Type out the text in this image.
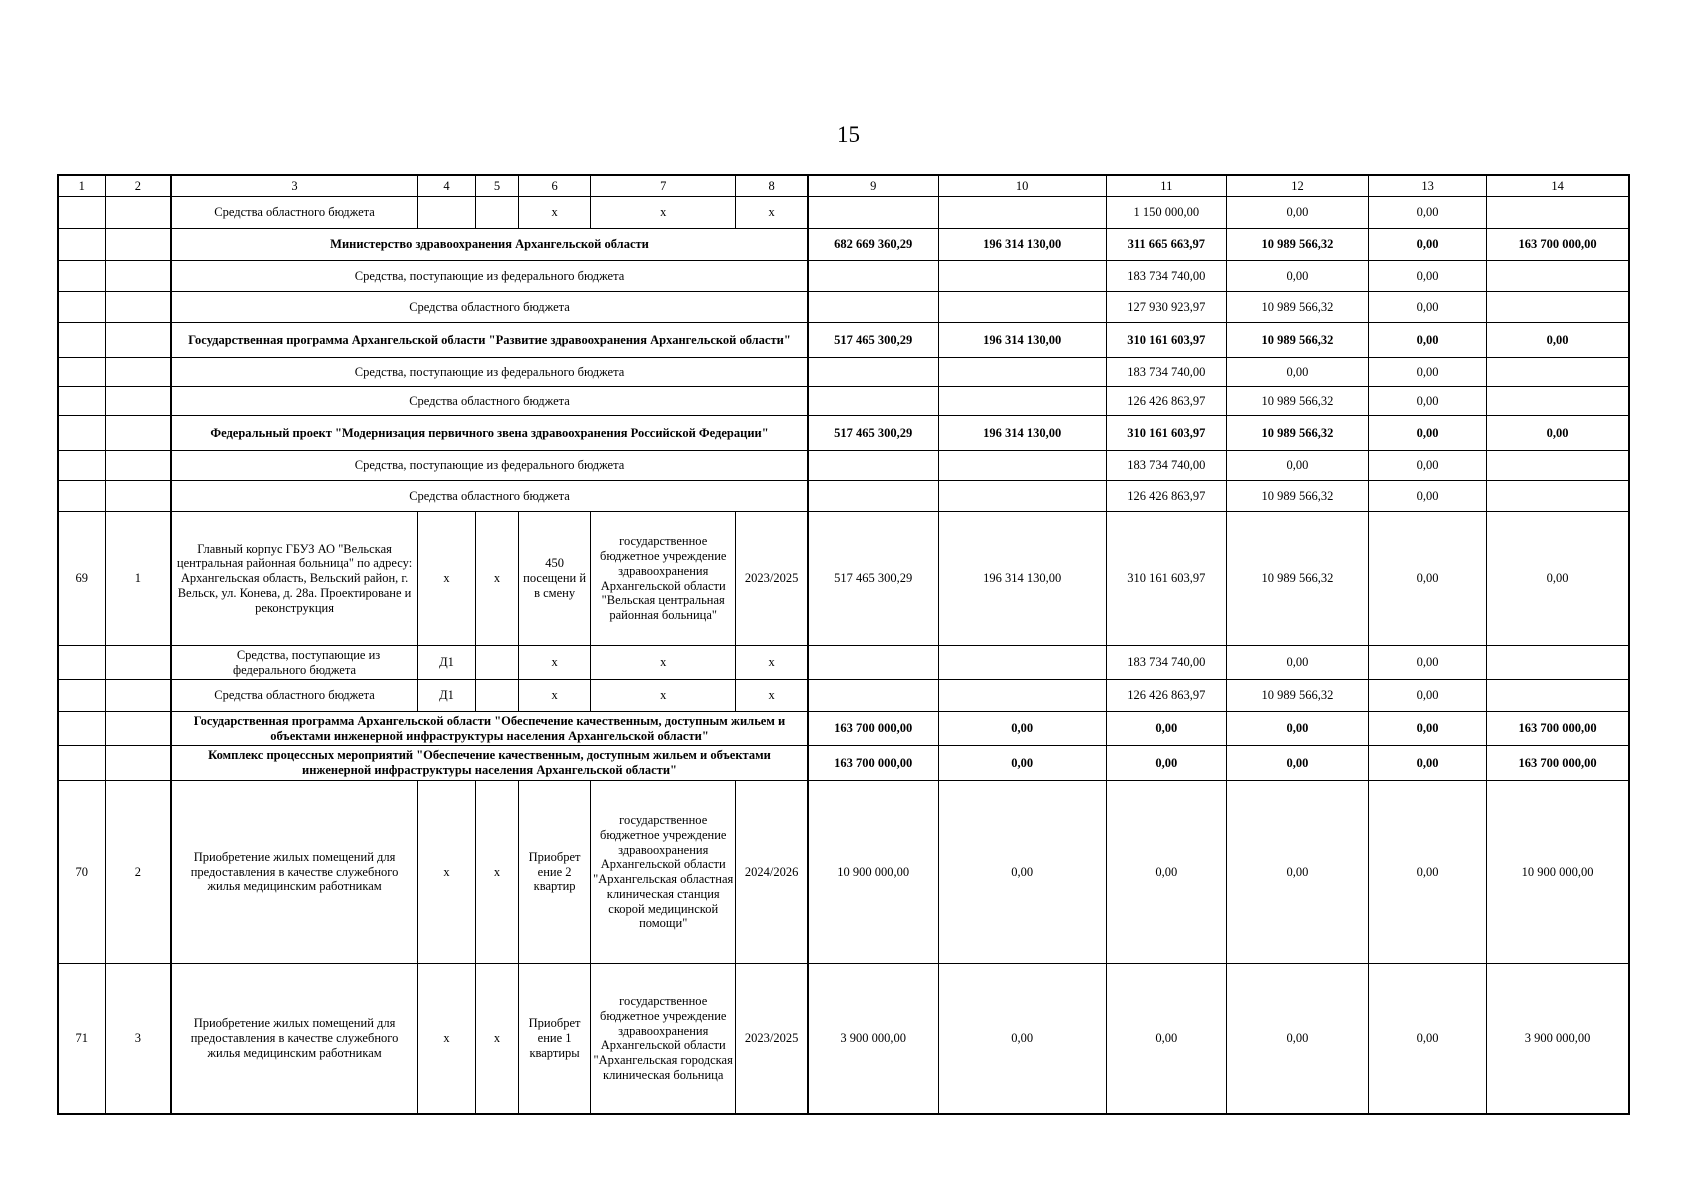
15
1	2	3	4	5	6	7	8	9	10	11	12	13	14
		Средства областного бюджета			x	x	x			1 150 000,00	0,00	0,00	
		Министерство здравоохранения Архангельской области						682 669 360,29	196 314 130,00	311 665 663,97	10 989 566,32	0,00	163 700 000,00
		Средства, поступающие из федерального бюджета								183 734 740,00	0,00	0,00	
		Средства областного бюджета								127 930 923,97	10 989 566,32	0,00	
		Государственная программа Архангельской области "Развитие здравоохранения Архангельской области"						517 465 300,29	196 314 130,00	310 161 603,97	10 989 566,32	0,00	0,00
		Средства, поступающие из федерального бюджета								183 734 740,00	0,00	0,00	
		Средства областного бюджета								126 426 863,97	10 989 566,32	0,00	
		Федеральный проект "Модернизация первичного звена здравоохранения Российской Федерации"						517 465 300,29	196 314 130,00	310 161 603,97	10 989 566,32	0,00	0,00
		Средства, поступающие из федерального бюджета								183 734 740,00	0,00	0,00	
		Средства областного бюджета								126 426 863,97	10 989 566,32	0,00	
69	1	Главный корпус ГБУЗ АО "Вельская центральная районная больница" по адресу: Архангельская область, Вельский район, г. Вельск, ул. Конева, д. 28а. Проектироване и реконструкция	x	x	450 посещени й в смену	государственное бюджетное учреждение здравоохранения Архангельской области "Вельская центральная районная больница"	2023/2025	517 465 300,29	196 314 130,00	310 161 603,97	10 989 566,32	0,00	0,00
		Средства, поступающие из федерального бюджета	Д1		x	x	x			183 734 740,00	0,00	0,00	
		Средства областного бюджета	Д1		x	x	x			126 426 863,97	10 989 566,32	0,00	
		Государственная программа Архангельской области "Обеспечение качественным, доступным жильем и объектами инженерной инфраструктуры населения Архангельской области"						163 700 000,00	0,00	0,00	0,00	0,00	163 700 000,00
		Комплекс процессных мероприятий "Обеспечение качественным, доступным жильем и объектами инженерной инфраструктуры населения Архангельской области"						163 700 000,00	0,00	0,00	0,00	0,00	163 700 000,00
70	2	Приобретение жилых помещений для предоставления в качестве служебного жилья медицинским работникам	x	x	Приобрет ение 2 квартир	государственное бюджетное учреждение здравоохранения Архангельской области "Архангельская областная клиническая станция скорой медицинской помощи"	2024/2026	10 900 000,00	0,00	0,00	0,00	0,00	10 900 000,00
71	3	Приобретение жилых помещений для предоставления в качестве служебного жилья медицинским работникам	x	x	Приобрет ение 1 квартиры	государственное бюджетное учреждение здравоохранения Архангельской области "Архангельская городская клиническая больница	2023/2025	3 900 000,00	0,00	0,00	0,00	0,00	3 900 000,00
